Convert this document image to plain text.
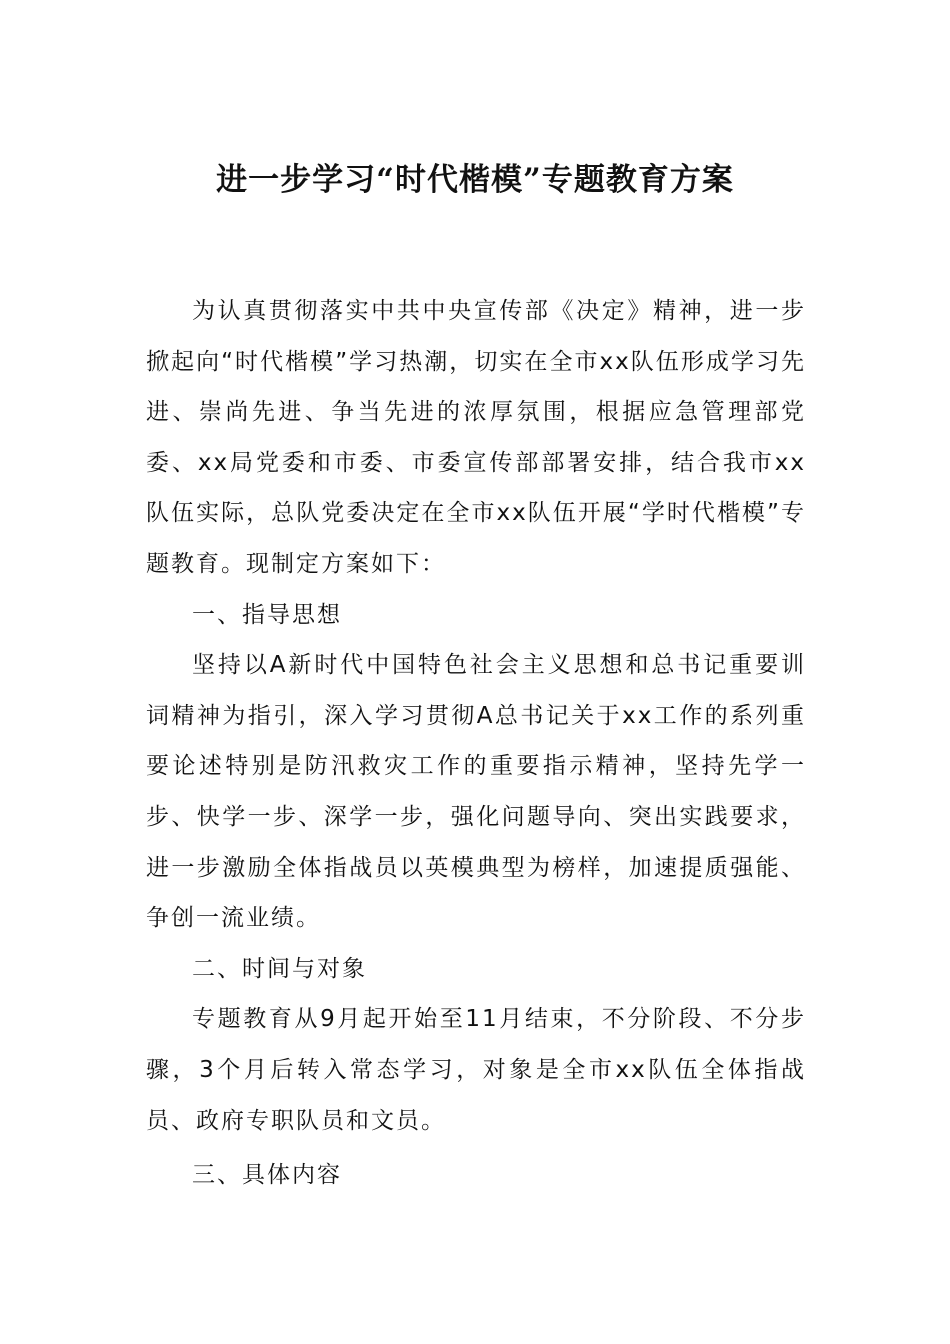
进一步学习“时代楷模”专题教育方案

为认真贯彻落实中共中央宣传部《决定》精神，进一步掀起向“时代楷模”学习热潮，切实在全市xx队伍形成学习先进、崇尚先进、争当先进的浓厚氛围，根据应急管理部党委、xx局党委和市委、市委宣传部部署安排，结合我市xx队伍实际，总队党委决定在全市xx队伍开展“学时代楷模”专题教育。现制定方案如下：

一、指导思想

坚持以A新时代中国特色社会主义思想和总书记重要训词精神为指引，深入学习贯彻A总书记关于xx工作的系列重要论述特别是防汛救灾工作的重要指示精神，坚持先学一步、快学一步、深学一步，强化问题导向、突出实践要求，进一步激励全体指战员以英模典型为榜样，加速提质强能、争创一流业绩。

二、时间与对象

专题教育从9月起开始至11月结束，不分阶段、不分步骤，3个月后转入常态学习，对象是全市xx队伍全体指战员、政府专职队员和文员。

三、具体内容
